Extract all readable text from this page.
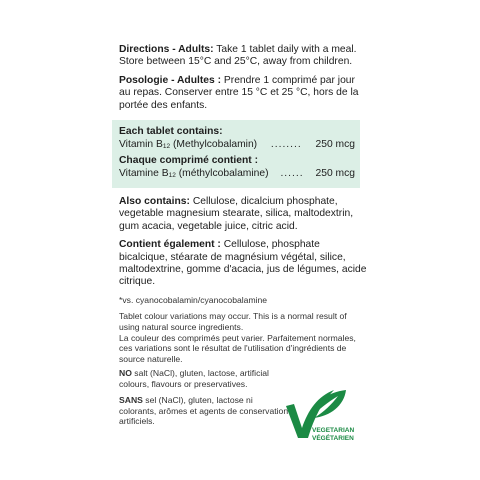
Directions - Adults: Take 1 tablet daily with a meal. Store between 15°C and 25°C, away from children.

Posologie - Adultes : Prendre 1 comprimé par jour au repas. Conserver entre 15 °C et 25 °C, hors de la portée des enfants.

Each tablet contains:

Vitamin B12 (Methylcobalamin)	........	250 mcg

Chaque comprimé contient :

Vitamine B12 (méthylcobalamine)	......	250 mcg

Also contains: Cellulose, dicalcium phosphate, vegetable magnesium stearate, silica, maltodextrin, gum acacia, vegetable juice, citric acid.

Contient également : Cellulose, phosphate bicalcique, stéarate de magnésium végétal, silice, maltodextrine, gomme d'acacia, jus de légumes, acide citrique.

*vs. cyanocobalamin/cyanocobalamine

Tablet colour variations may occur. This is a normal result of using natural source ingredients.

La couleur des comprimés peut varier. Parfaitement normales, ces variations sont le résultat de l'utilisation d'ingrédients de source naturelle.

NO salt (NaCl), gluten, lactose, artificial colours, flavours or preservatives.

SANS sel (NaCl), gluten, lactose ni colorants, arômes et agents de conservation artificiels.

VEGETARIAN
VÉGÉTARIEN
